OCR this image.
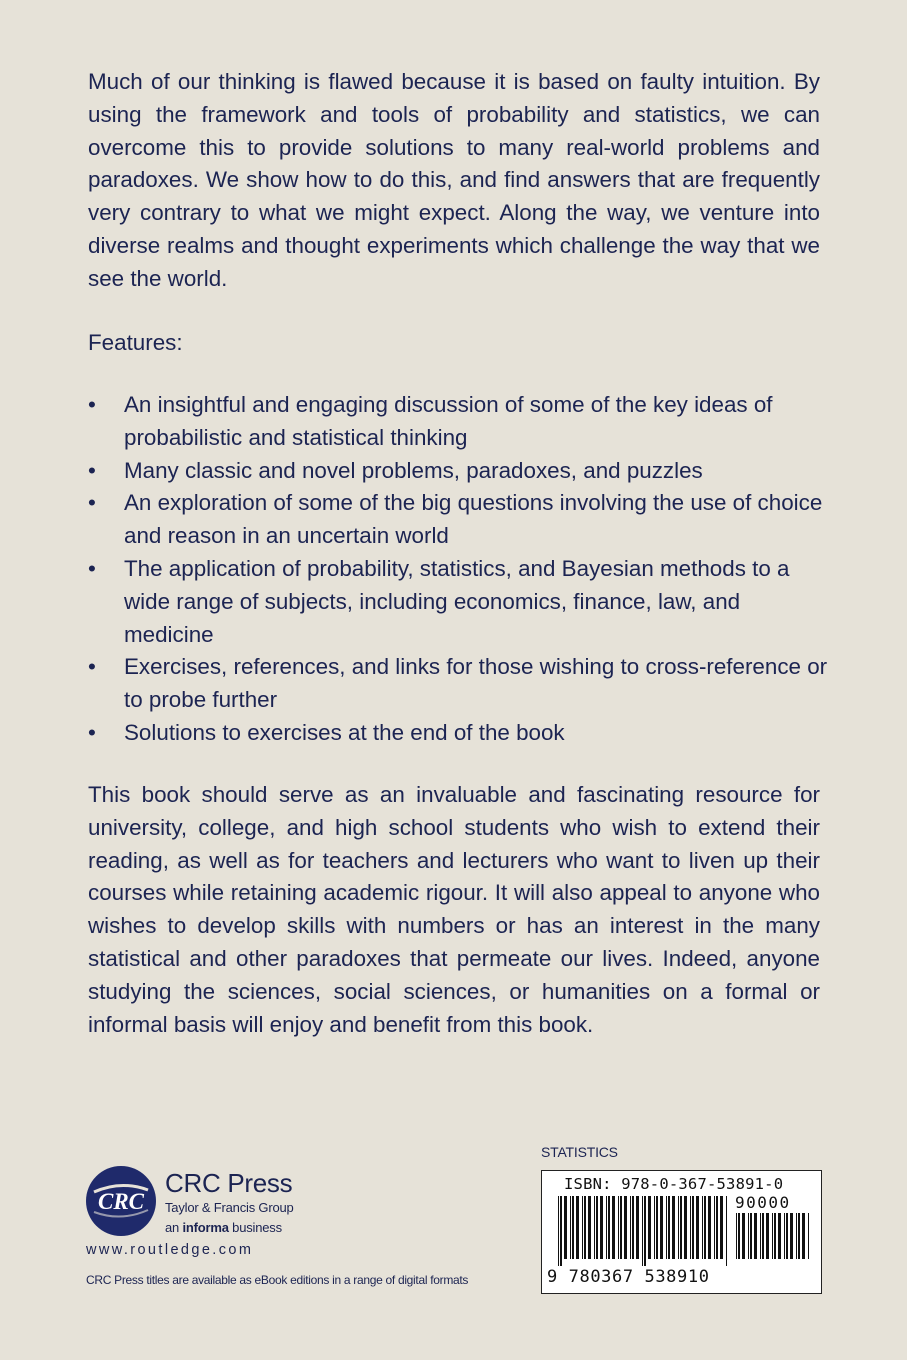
Much of our thinking is flawed because it is based on faulty intuition. By using the framework and tools of probability and statistics, we can overcome this to provide solutions to many real-world problems and paradoxes. We show how to do this, and find answers that are frequently very contrary to what we might expect. Along the way, we venture into diverse realms and thought experiments which challenge the way that we see the world.

Features:

• An insightful and engaging discussion of some of the key ideas of probabilistic and statistical thinking
• Many classic and novel problems, paradoxes, and puzzles
• An exploration of some of the big questions involving the use of choice and reason in an uncertain world
• The application of probability, statistics, and Bayesian methods to a wide range of subjects, including economics, finance, law, and medicine
• Exercises, references, and links for those wishing to cross-reference or to probe further
• Solutions to exercises at the end of the book

This book should serve as an invaluable and fascinating resource for university, college, and high school students who wish to extend their reading, as well as for teachers and lecturers who want to liven up their courses while retaining academic rigour. It will also appeal to anyone who wishes to develop skills with numbers or has an interest in the many statistical and other paradoxes that permeate our lives. Indeed, anyone studying the sciences, social sciences, or humanities on a formal or informal basis will enjoy and benefit from this book.

CRC

CRC Press

Taylor & Francis Group
an informa business
www.routledge.com
CRC Press titles are available as eBook editions in a range of digital formats
STATISTICS
ISBN: 978-0-367-53891-0
90000
9 780367 538910
